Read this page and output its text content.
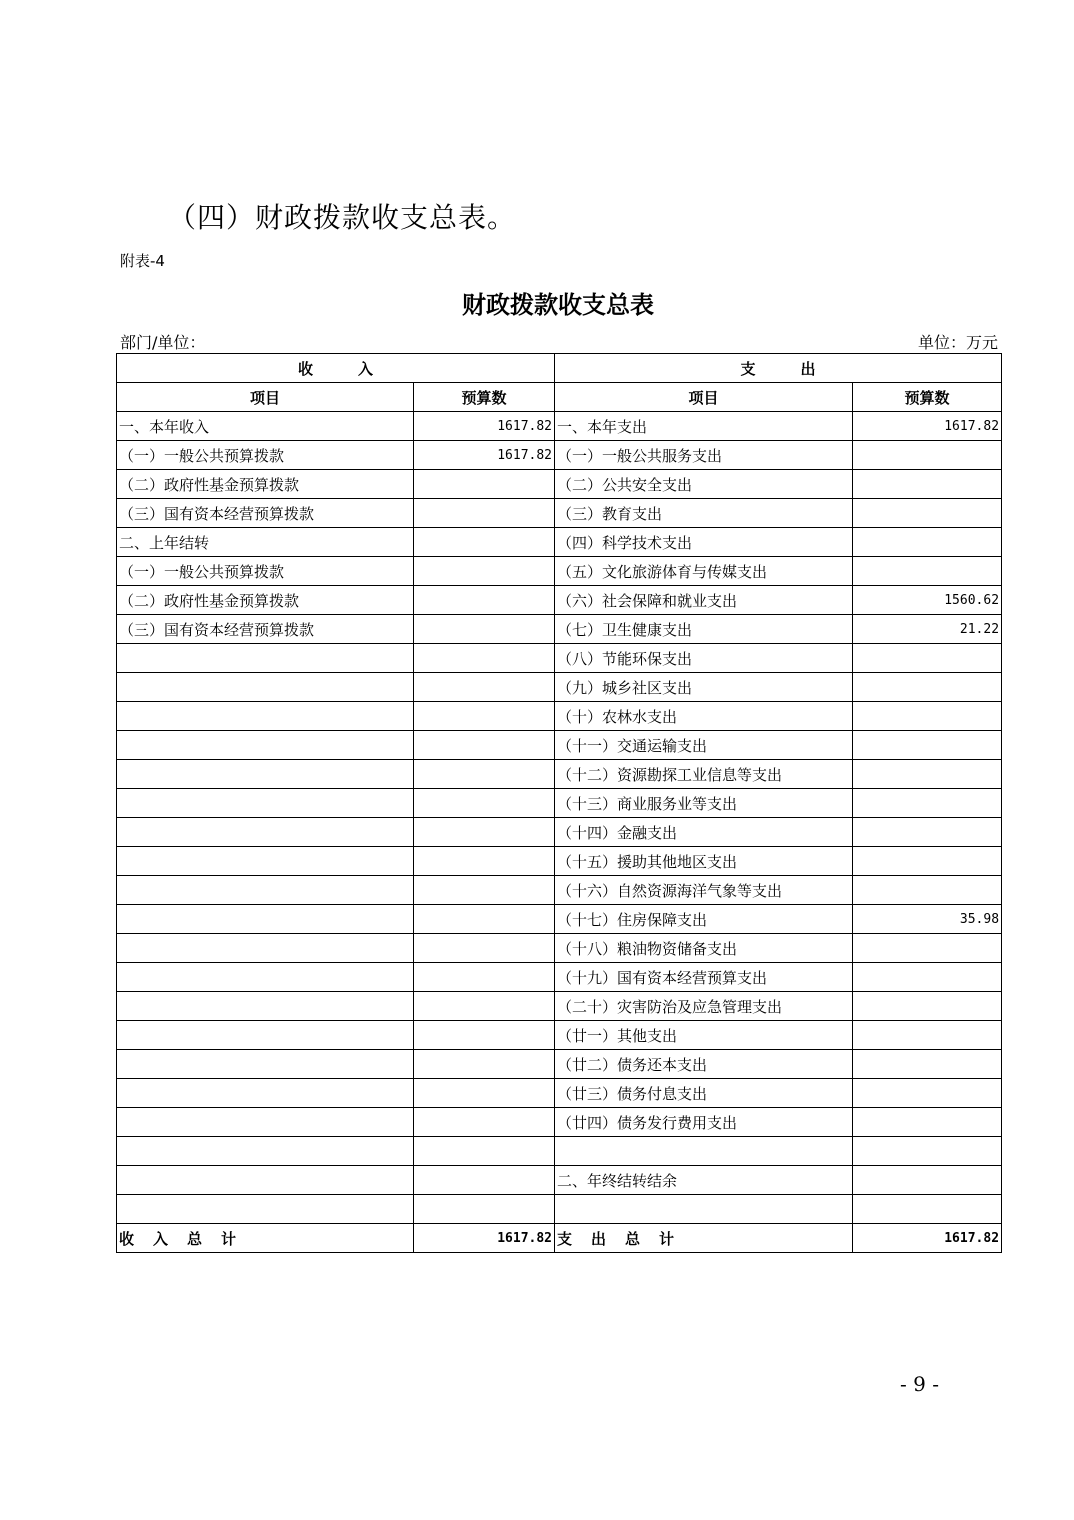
（四）财政拨款收支总表。
附表-4
财政拨款收支总表
部门/单位：	单位：万元
收　　　入		支　　　出	
项目	预算数	项目	预算数
一、本年收入	1617.82	一、本年支出	1617.82
（一）一般公共预算拨款	1617.82	（一）一般公共服务支出	
（二）政府性基金预算拨款		（二）公共安全支出	
（三）国有资本经营预算拨款		（三）教育支出	
二、上年结转		（四）科学技术支出	
（一）一般公共预算拨款		（五）文化旅游体育与传媒支出	
（二）政府性基金预算拨款		（六）社会保障和就业支出	1560.62
（三）国有资本经营预算拨款		（七）卫生健康支出	21.22
		（八）节能环保支出	
		（九）城乡社区支出	
		（十）农林水支出	
		（十一）交通运输支出	
		（十二）资源勘探工业信息等支出	
		（十三）商业服务业等支出	
		（十四）金融支出	
		（十五）援助其他地区支出	
		（十六）自然资源海洋气象等支出	
		（十七）住房保障支出	35.98
		（十八）粮油物资储备支出	
		（十九）国有资本经营预算支出	
		（二十）灾害防治及应急管理支出	
		（廿一）其他支出	
		（廿二）债务还本支出	
		（廿三）债务付息支出	
		（廿四）债务发行费用支出	

		二、年终结转结余	

收　入　总　计	1617.82	支　出　总　计	1617.82
- 9 -
